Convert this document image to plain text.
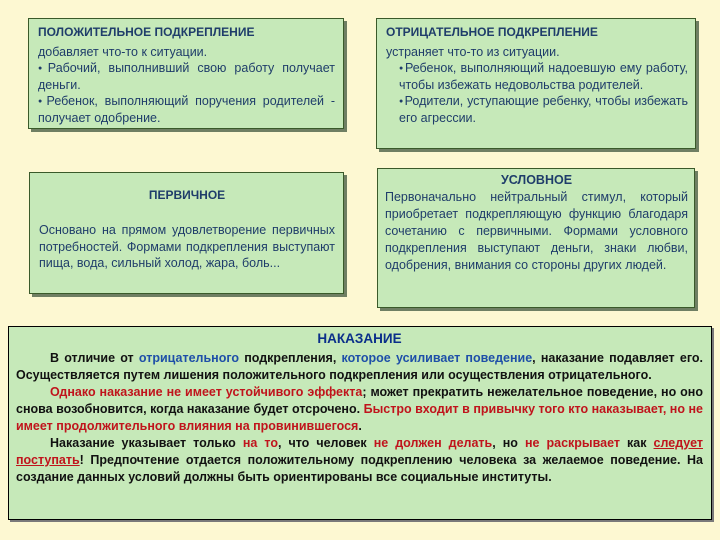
ПОЛОЖИТЕЛЬНОЕ ПОДКРЕПЛЕНИЕ

добавляет что-то к ситуации.

● Рабочий, выполнивший свою работу получает деньги.

● Ребенок, выполняющий поручения родителей - получает одобрение.

ОТРИЦАТЕЛЬНОЕ ПОДКРЕПЛЕНИЕ

устраняет что-то из ситуации.

● Ребенок, выполняющий надоевшую ему работу, чтобы избежать недовольства родителей.

● Родители, уступающие ребенку, чтобы избежать его агрессии.

ПЕРВИЧНОЕ
Основано на прямом удовлетворение первичных потребностей. Формами подкрепления выступают пища, вода, сильный холод, жара, боль...
УСЛОВНОЕ
Первоначально нейтральный стимул, который приобретает подкрепляющую функцию благодаря сочетанию с первичными. Формами условного подкрепления выступают деньги, знаки любви, одобрения, внимания со стороны других людей.
НАКАЗАНИЕ

В отличие от отрицательного подкрепления, которое усиливает поведение, наказание подавляет его. Осуществляется путем лишения положительного подкрепления или осуществления отрицательного.

Однако наказание не имеет устойчивого эффекта; может прекратить нежелательное поведение, но оно снова возобновится, когда наказание будет отсрочено. Быстро входит в привычку того кто наказывает, но не имеет продолжительного влияния на провинившегося.

Наказание указывает только на то, что человек не должен делать, но не раскрывает как следует поступать! Предпочтение отдается положительному подкреплению человека за желаемое поведение. На создание данных условий должны быть ориентированы все социальные институты.
